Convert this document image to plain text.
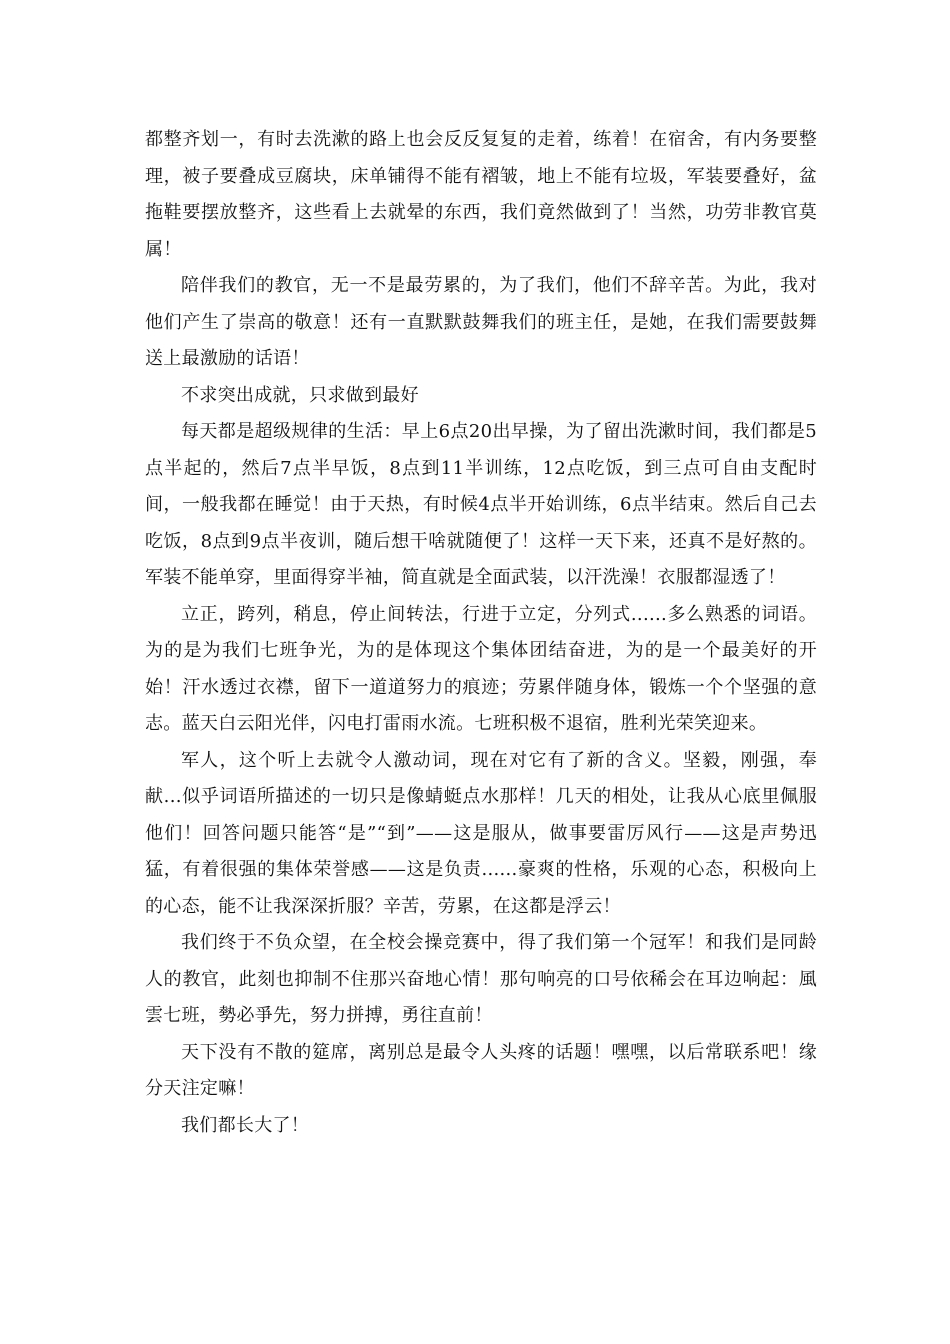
都整齐划一，有时去洗漱的路上也会反反复复的走着，练着！在宿舍，有内务要整理，被子要叠成豆腐块，床单铺得不能有褶皱，地上不能有垃圾，军装要叠好，盆拖鞋要摆放整齐，这些看上去就晕的东西，我们竟然做到了！当然，功劳非教官莫属！

陪伴我们的教官，无一不是最劳累的，为了我们，他们不辞辛苦。为此，我对他们产生了崇高的敬意！还有一直默默鼓舞我们的班主任，是她，在我们需要鼓舞送上最激励的话语！

不求突出成就，只求做到最好

每天都是超级规律的生活：早上6点20出早操，为了留出洗漱时间，我们都是5点半起的，然后7点半早饭，8点到11半训练，12点吃饭，到三点可自由支配时间，一般我都在睡觉！由于天热，有时候4点半开始训练，6点半结束。然后自己去吃饭，8点到9点半夜训，随后想干啥就随便了！这样一天下来，还真不是好熬的。军装不能单穿，里面得穿半袖，简直就是全面武装，以汗洗澡！衣服都湿透了！

立正，跨列，稍息，停止间转法，行进于立定，分列式......多么熟悉的词语。为的是为我们七班争光，为的是体现这个集体团结奋进，为的是一个最美好的开始！汗水透过衣襟，留下一道道努力的痕迹；劳累伴随身体，锻炼一个个坚强的意志。蓝天白云阳光伴，闪电打雷雨水流。七班积极不退宿，胜利光荣笑迎来。

军人，这个听上去就令人激动词，现在对它有了新的含义。坚毅，刚强，奉献...似乎词语所描述的一切只是像蜻蜓点水那样！几天的相处，让我从心底里佩服他们！回答问题只能答“是”“到”——这是服从，做事要雷厉风行——这是声势迅猛，有着很强的集体荣誉感——这是负责......豪爽的性格，乐观的心态，积极向上的心态，能不让我深深折服？辛苦，劳累，在这都是浮云！

我们终于不负众望，在全校会操竞赛中，得了我们第一个冠军！和我们是同龄人的教官，此刻也抑制不住那兴奋地心情！那句响亮的口号依稀会在耳边响起：風雲七班，勢必爭先，努力拼搏，勇往直前！

天下没有不散的筵席，离别总是最令人头疼的话题！嘿嘿，以后常联系吧！缘分天注定嘛！

我们都长大了！
